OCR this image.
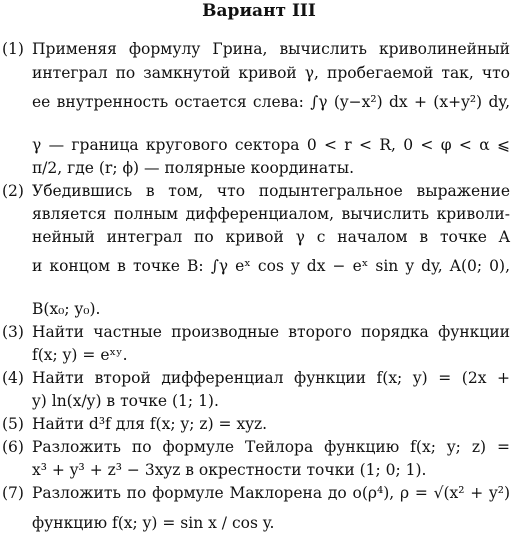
Вариант III
(1) Применяя формулу Грина, вычислить криволинейный
интеграл по замкнутой кривой γ, пробегаемой так, что
ее внутренность остается слева: ∫γ (y−x²) dx + (x+y²) dy,
γ — граница кругового сектора 0 < r < R, 0 < φ < α ⩽
π/2, где (r; ϕ) — полярные координаты.
(2) Убедившись в том, что подынтегральное выражение
является полным дифференциалом, вычислить криволи-
нейный интеграл по кривой γ с началом в точке A
и концом в точке B: ∫γ eˣ cos y dx − eˣ sin y dy, A(0; 0),
B(x₀; y₀).
(3) Найти частные производные второго порядка функции
f(x; y) = eˣʸ.
(4) Найти второй дифференциал функции f(x; y) = (2x +
y) ln(x/y) в точке (1; 1).
(5) Найти d³f для f(x; y; z) = xyz.
(6) Разложить по формуле Тейлора функцию f(x; y; z) =
x³ + y³ + z³ − 3xyz в окрестности точки (1; 0; 1).
(7) Разложить по формуле Маклорена до o(ρ⁴), ρ = √(x² + y²)
функцию f(x; y) = sin x / cos y.
